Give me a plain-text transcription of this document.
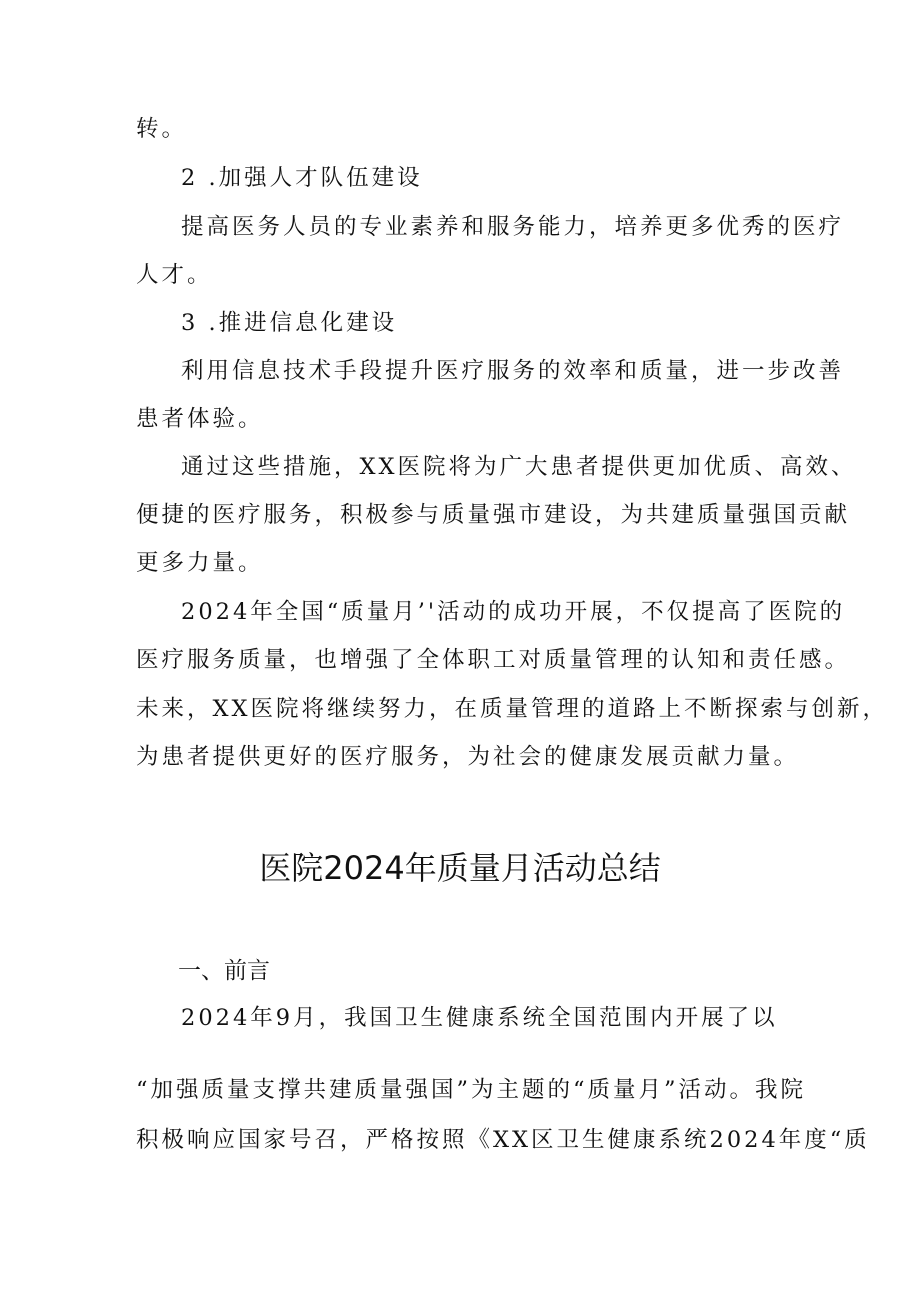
转。
2 .加强人才队伍建设
提高医务人员的专业素养和服务能力，培养更多优秀的医疗
人才。
3 .推进信息化建设
利用信息技术手段提升医疗服务的效率和质量，进一步改善
患者体验。
通过这些措施，XX医院将为广大患者提供更加优质、高效、
便捷的医疗服务，积极参与质量强市建设，为共建质量强国贡献
更多力量。
2024年全国“质量月’'活动的成功开展，不仅提高了医院的
医疗服务质量，也增强了全体职工对质量管理的认知和责任感。
未来，XX医院将继续努力，在质量管理的道路上不断探索与创新，
为患者提供更好的医疗服务，为社会的健康发展贡献力量。
医院2024年质量月活动总结
一、前言
2024年9月，我国卫生健康系统全国范围内开展了以
“加强质量支撑共建质量强国”为主题的“质量月”活动。我院
积极响应国家号召，严格按照《XX区卫生健康系统2024年度“质
